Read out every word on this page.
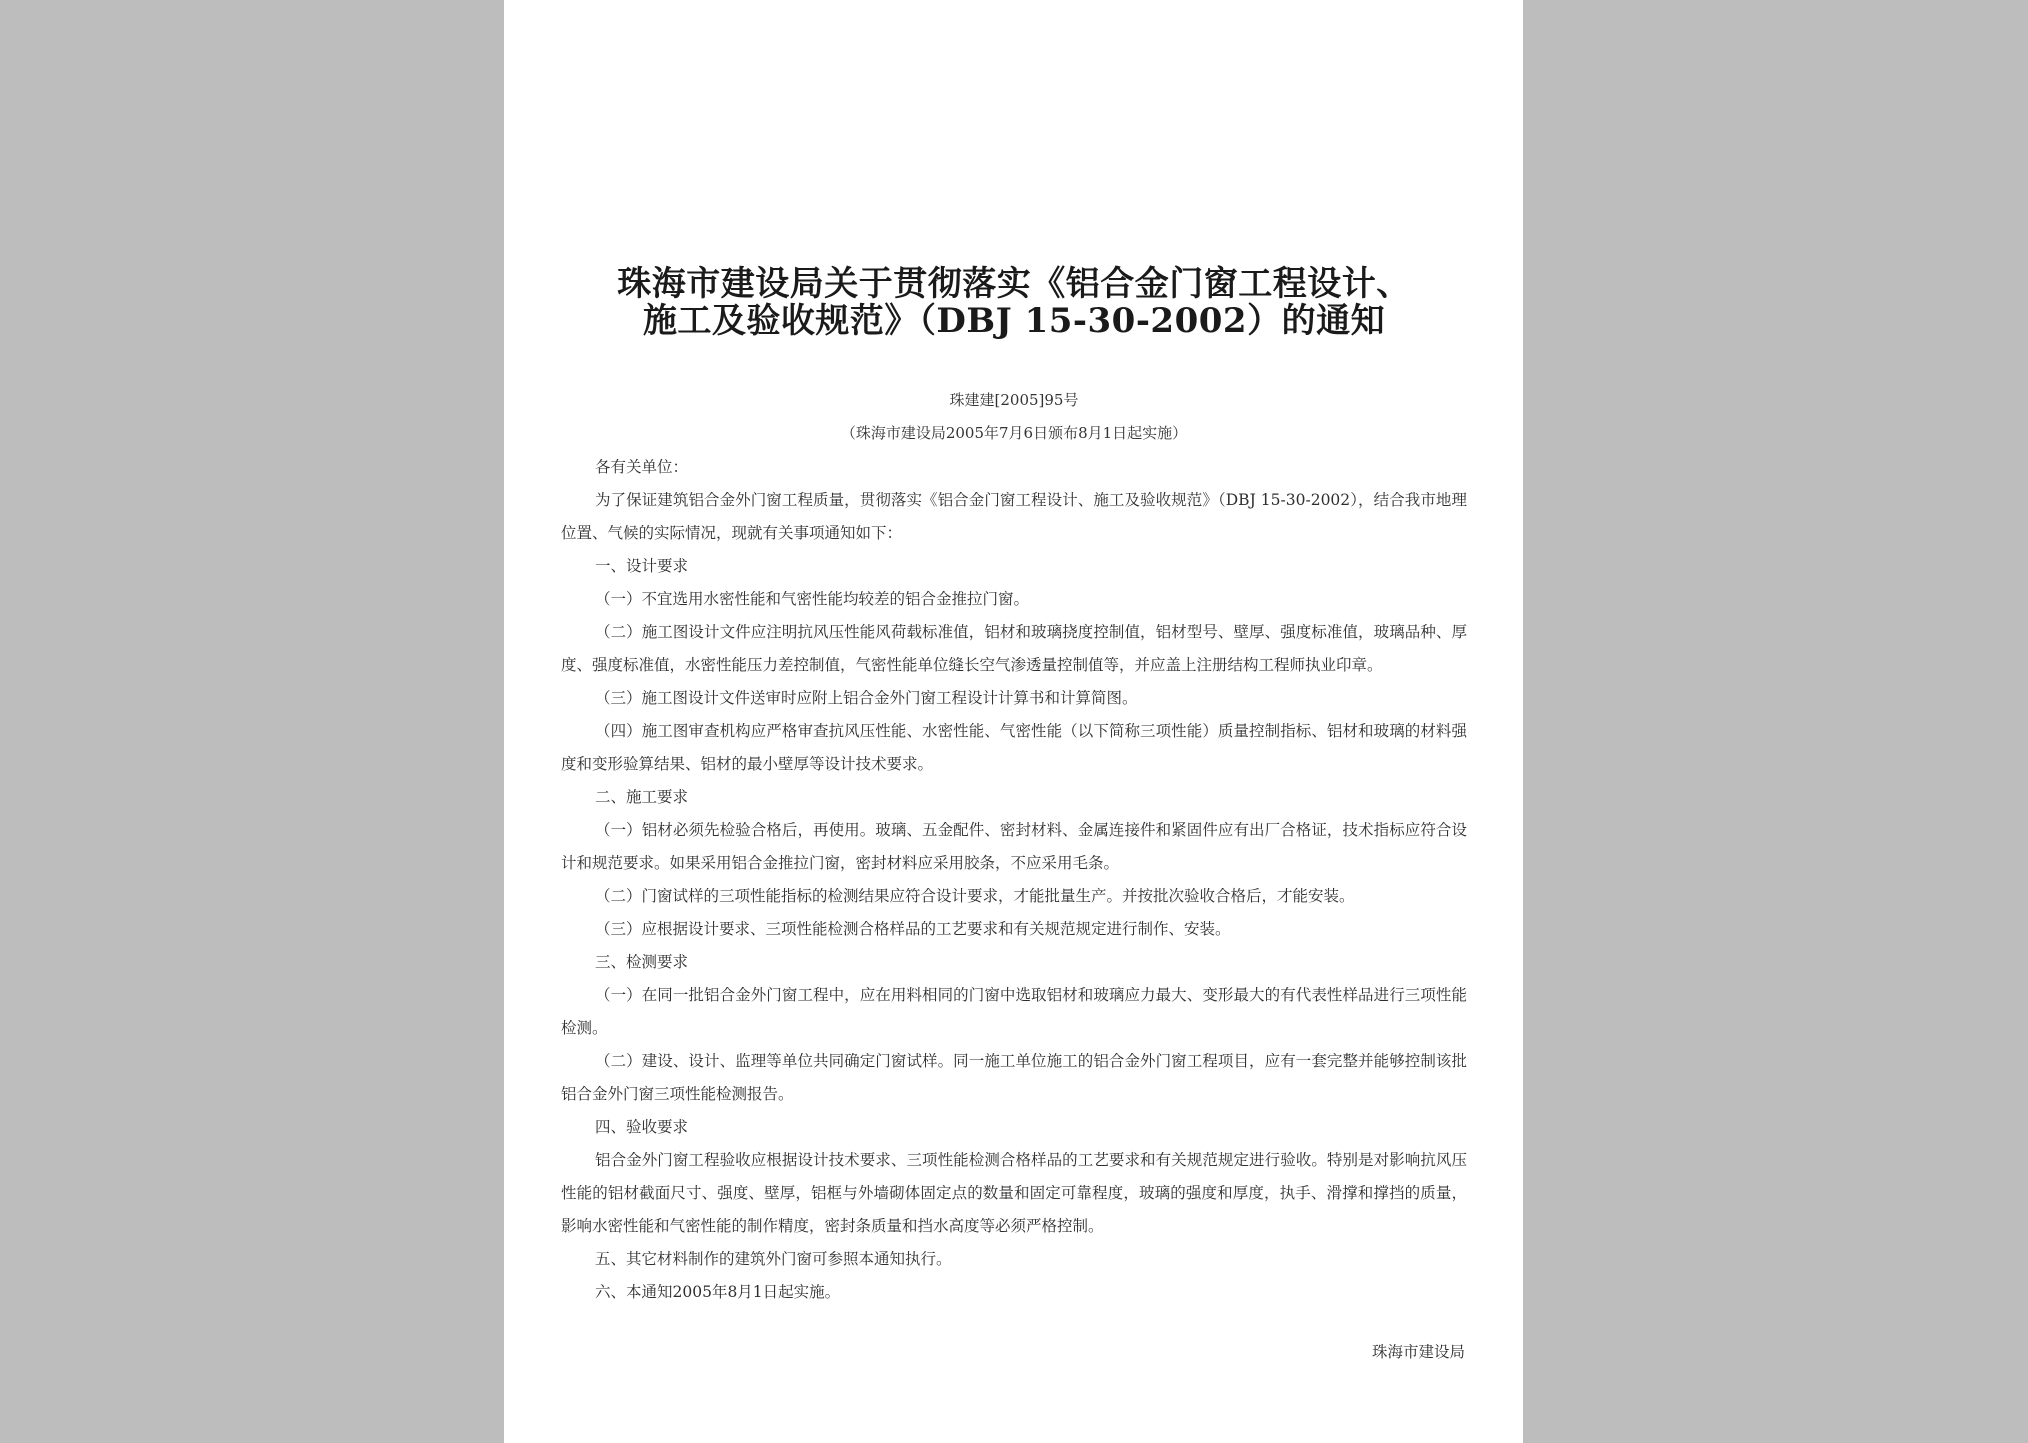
珠海市建设局关于贯彻落实《铝合金门窗工程设计、
施工及验收规范》（DBJ 15-30-2002）的通知
珠建建[2005]95号
（珠海市建设局2005年7月6日颁布8月1日起实施）

各有关单位：

为了保证建筑铝合金外门窗工程质量，贯彻落实《铝合金门窗工程设计、施工及验收规范》（DBJ 15-30-2002），结合我市地理位置、气候的实际情况，现就有关事项通知如下：

一、设计要求

（一）不宜选用水密性能和气密性能均较差的铝合金推拉门窗。

（二）施工图设计文件应注明抗风压性能风荷载标准值，铝材和玻璃挠度控制值，铝材型号、壁厚、强度标准值，玻璃品种、厚度、强度标准值，水密性能压力差控制值，气密性能单位缝长空气渗透量控制值等，并应盖上注册结构工程师执业印章。

（三）施工图设计文件送审时应附上铝合金外门窗工程设计计算书和计算简图。

（四）施工图审查机构应严格审查抗风压性能、水密性能、气密性能（以下简称三项性能）质量控制指标、铝材和玻璃的材料强度和变形验算结果、铝材的最小壁厚等设计技术要求。

二、施工要求

（一）铝材必须先检验合格后，再使用。玻璃、五金配件、密封材料、金属连接件和紧固件应有出厂合格证，技术指标应符合设计和规范要求。如果采用铝合金推拉门窗，密封材料应采用胶条，不应采用毛条。

（二）门窗试样的三项性能指标的检测结果应符合设计要求，才能批量生产。并按批次验收合格后，才能安装。

（三）应根据设计要求、三项性能检测合格样品的工艺要求和有关规范规定进行制作、安装。

三、检测要求

（一）在同一批铝合金外门窗工程中，应在用料相同的门窗中选取铝材和玻璃应力最大、变形最大的有代表性样品进行三项性能检测。

（二）建设、设计、监理等单位共同确定门窗试样。同一施工单位施工的铝合金外门窗工程项目，应有一套完整并能够控制该批铝合金外门窗三项性能检测报告。

四、验收要求

铝合金外门窗工程验收应根据设计技术要求、三项性能检测合格样品的工艺要求和有关规范规定进行验收。特别是对影响抗风压性能的铝材截面尺寸、强度、壁厚，铝框与外墙砌体固定点的数量和固定可靠程度，玻璃的强度和厚度，执手、滑撑和撑挡的质量，影响水密性能和气密性能的制作精度，密封条质量和挡水高度等必须严格控制。

五、其它材料制作的建筑外门窗可参照本通知执行。

六、本通知2005年8月1日起实施。

珠海市建设局
